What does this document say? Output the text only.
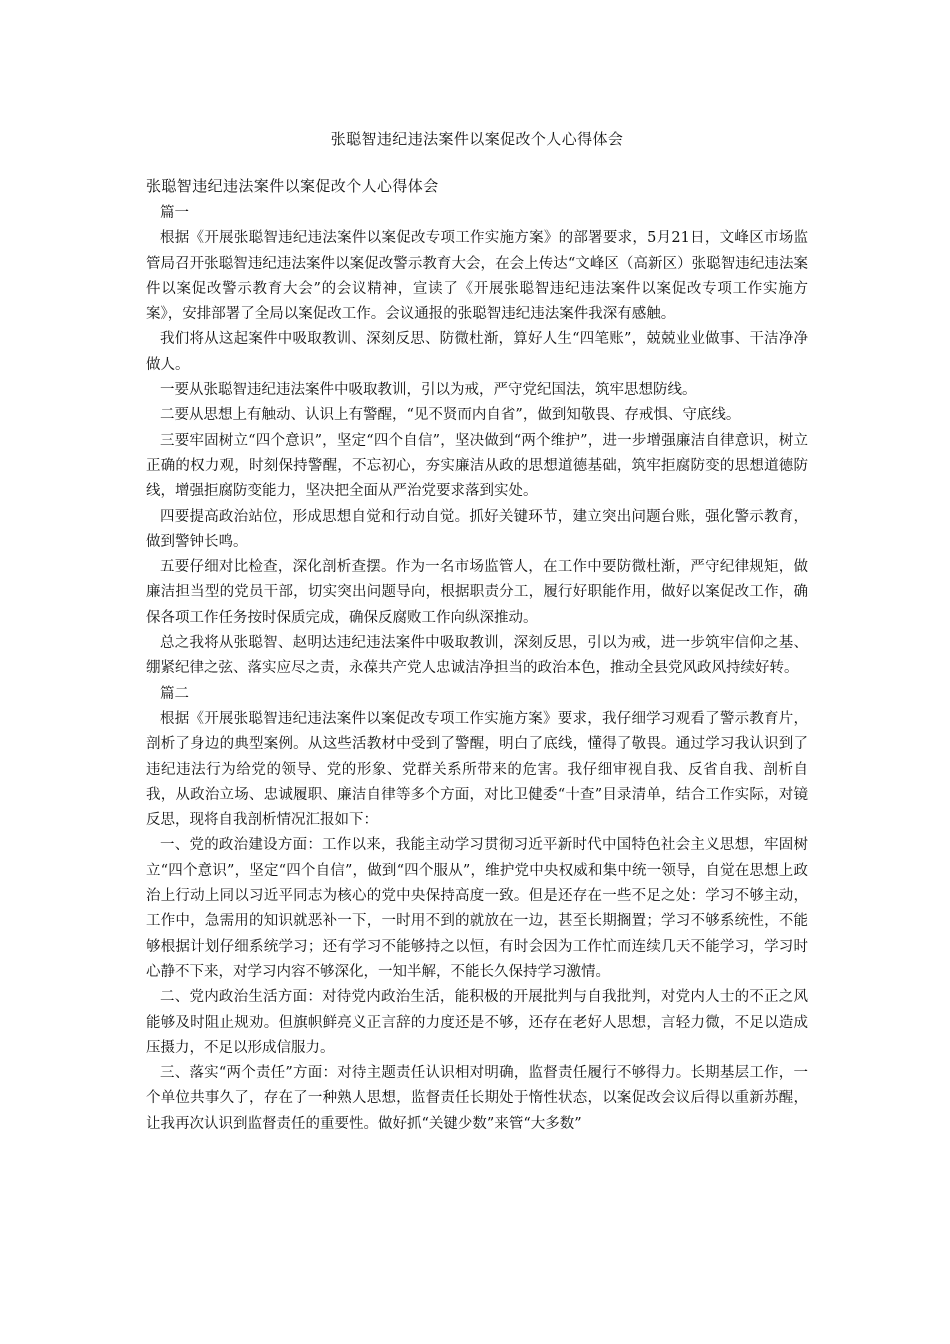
张聪智违纪违法案件以案促改个人心得体会
张聪智违纪违法案件以案促改个人心得体会

篇一

根据《开展张聪智违纪违法案件以案促改专项工作实施方案》的部署要求，5月21日，文峰区市场监管局召开张聪智违纪违法案件以案促改警示教育大会，在会上传达“文峰区（高新区）张聪智违纪违法案件以案促改警示教育大会”的会议精神，宣读了《开展张聪智违纪违法案件以案促改专项工作实施方案》，安排部署了全局以案促改工作。会议通报的张聪智违纪违法案件我深有感触。

我们将从这起案件中吸取教训、深刻反思、防微杜渐，算好人生“四笔账”，兢兢业业做事、干洁净净做人。

一要从张聪智违纪违法案件中吸取教训，引以为戒，严守党纪国法，筑牢思想防线。

二要从思想上有触动、认识上有警醒，“见不贤而内自省”，做到知敬畏、存戒惧、守底线。

三要牢固树立“四个意识”，坚定“四个自信”，坚决做到“两个维护”，进一步增强廉洁自律意识，树立正确的权力观，时刻保持警醒，不忘初心，夯实廉洁从政的思想道德基础，筑牢拒腐防变的思想道德防线，增强拒腐防变能力，坚决把全面从严治党要求落到实处。

四要提高政治站位，形成思想自觉和行动自觉。抓好关键环节，建立突出问题台账，强化警示教育，做到警钟长鸣。

五要仔细对比检查，深化剖析查摆。作为一名市场监管人，在工作中要防微杜渐，严守纪律规矩，做廉洁担当型的党员干部，切实突出问题导向，根据职责分工，履行好职能作用，做好以案促改工作，确保各项工作任务按时保质完成，确保反腐败工作向纵深推动。

总之我将从张聪智、赵明达违纪违法案件中吸取教训，深刻反思，引以为戒，进一步筑牢信仰之基、绷紧纪律之弦、落实应尽之责，永葆共产党人忠诚洁净担当的政治本色，推动全县党风政风持续好转。

篇二

根据《开展张聪智违纪违法案件以案促改专项工作实施方案》要求，我仔细学习观看了警示教育片，剖析了身边的典型案例。从这些活教材中受到了警醒，明白了底线，懂得了敬畏。通过学习我认识到了违纪违法行为给党的领导、党的形象、党群关系所带来的危害。我仔细审视自我、反省自我、剖析自我，从政治立场、忠诚履职、廉洁自律等多个方面，对比卫健委“十查”目录清单，结合工作实际，对镜反思，现将自我剖析情况汇报如下：

一、党的政治建设方面：工作以来，我能主动学习贯彻习近平新时代中国特色社会主义思想，牢固树立“四个意识”，坚定“四个自信”，做到“四个服从”，维护党中央权威和集中统一领导，自觉在思想上政治上行动上同以习近平同志为核心的党中央保持高度一致。但是还存在一些不足之处：学习不够主动，工作中，急需用的知识就恶补一下，一时用不到的就放在一边，甚至长期搁置；学习不够系统性，不能够根据计划仔细系统学习；还有学习不能够持之以恒，有时会因为工作忙而连续几天不能学习，学习时心静不下来，对学习内容不够深化，一知半解，不能长久保持学习激情。

二、党内政治生活方面：对待党内政治生活，能积极的开展批判与自我批判，对党内人士的不正之风能够及时阻止规劝。但旗帜鲜亮义正言辞的力度还是不够，还存在老好人思想，言轻力微，不足以造成压摄力，不足以形成信服力。

三、落实“两个责任”方面：对待主题责任认识相对明确，监督责任履行不够得力。长期基层工作，一个单位共事久了，存在了一种熟人思想，监督责任长期处于惰性状态，以案促改会议后得以重新苏醒，让我再次认识到监督责任的重要性。做好抓“关键少数”来管“大多数”
